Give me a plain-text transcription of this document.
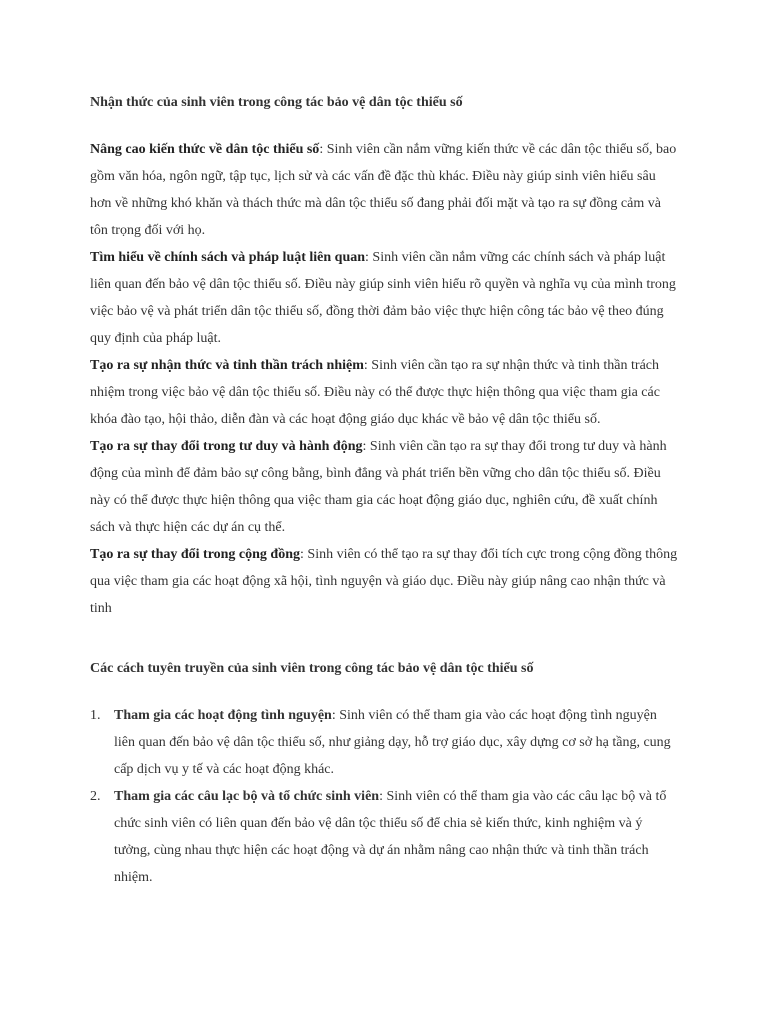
Nhận thức của sinh viên trong công tác bảo vệ dân tộc thiểu số

Nâng cao kiến thức về dân tộc thiểu số: Sinh viên cần nắm vững kiến thức về các dân tộc thiểu số, bao gồm văn hóa, ngôn ngữ, tập tục, lịch sử và các vấn đề đặc thù khác. Điều này giúp sinh viên hiểu sâu hơn về những khó khăn và thách thức mà dân tộc thiểu số đang phải đối mặt và tạo ra sự đồng cảm và tôn trọng đối với họ.

Tìm hiểu về chính sách và pháp luật liên quan: Sinh viên cần nắm vững các chính sách và pháp luật liên quan đến bảo vệ dân tộc thiểu số. Điều này giúp sinh viên hiểu rõ quyền và nghĩa vụ của mình trong việc bảo vệ và phát triển dân tộc thiểu số, đồng thời đảm bảo việc thực hiện công tác bảo vệ theo đúng quy định của pháp luật.

Tạo ra sự nhận thức và tinh thần trách nhiệm: Sinh viên cần tạo ra sự nhận thức và tinh thần trách nhiệm trong việc bảo vệ dân tộc thiểu số. Điều này có thể được thực hiện thông qua việc tham gia các khóa đào tạo, hội thảo, diễn đàn và các hoạt động giáo dục khác về bảo vệ dân tộc thiểu số.

Tạo ra sự thay đổi trong tư duy và hành động: Sinh viên cần tạo ra sự thay đổi trong tư duy và hành động của mình để đảm bảo sự công bằng, bình đẳng và phát triển bền vững cho dân tộc thiểu số. Điều này có thể được thực hiện thông qua việc tham gia các hoạt động giáo dục, nghiên cứu, đề xuất chính sách và thực hiện các dự án cụ thể.

Tạo ra sự thay đổi trong cộng đồng: Sinh viên có thể tạo ra sự thay đổi tích cực trong cộng đồng thông qua việc tham gia các hoạt động xã hội, tình nguyện và giáo dục. Điều này giúp nâng cao nhận thức và tinh

Các cách tuyên truyền của sinh viên trong công tác bảo vệ dân tộc thiểu số

1. Tham gia các hoạt động tình nguyện: Sinh viên có thể tham gia vào các hoạt động tình nguyện liên quan đến bảo vệ dân tộc thiểu số, như giảng dạy, hỗ trợ giáo dục, xây dựng cơ sở hạ tầng, cung cấp dịch vụ y tế và các hoạt động khác.
2. Tham gia các câu lạc bộ và tổ chức sinh viên: Sinh viên có thể tham gia vào các câu lạc bộ và tổ chức sinh viên có liên quan đến bảo vệ dân tộc thiểu số để chia sẻ kiến thức, kinh nghiệm và ý tưởng, cùng nhau thực hiện các hoạt động và dự án nhằm nâng cao nhận thức và tinh thần trách nhiệm.
